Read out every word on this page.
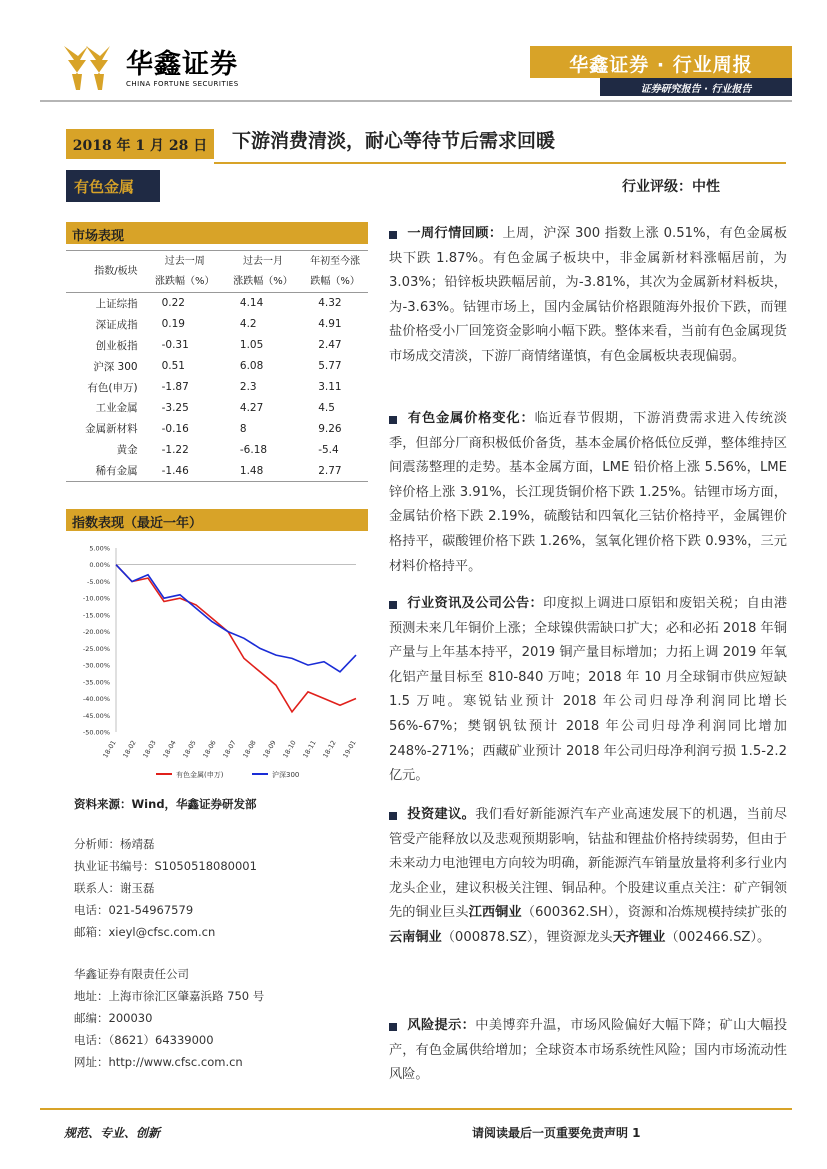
华鑫证券
CHINA FORTUNE SECURITIES
华鑫证券 · 行业周报
证券研究报告 · 行业报告
2018 年 1 月 28 日	下游消费清淡，耐心等待节后需求回暖
有色金属	行业评级：中性
市场表现
指数/板块	过去一周	过去一月	年初至今涨
	涨跌幅（%）	涨跌幅（%）	跌幅（%）
上证综指	0.22	4.14	4.32
深证成指	0.19	4.2	4.91
创业板指	-0.31	1.05	2.47
沪深 300	0.51	6.08	5.77
有色(申万)	-1.87	2.3	3.11
工业金属	-3.25	4.27	4.5
金属新材料	-0.16	8	9.26
黄金	-1.22	-6.18	-5.4
稀有金属	-1.46	1.48	2.77
指数表现（最近一年）
5.00%
0.00%
-5.00%
-10.00%
-15.00%
-20.00%
-25.00%
-30.00%
-35.00%
-40.00%
-45.00%
-50.00%
18-01 18-02 18-03 18-04 18-05 18-06 18-07 18-08 18-09 18-10 18-11 18-12 19-01
有色金属(申万)	沪深300
资料来源：Wind，华鑫证券研发部
分析师：杨靖磊
执业证书编号：S1050518080001
联系人：谢玉磊
电话：021-54967579
邮箱：xieyl@cfsc.com.cn
华鑫证券有限责任公司
地址：上海市徐汇区肇嘉浜路 750 号
邮编：200030
电话：（8621）64339000
网址：http://www.cfsc.com.cn
一周行情回顾：上周，沪深 300 指数上涨 0.51%，有色金属板块下跌 1.87%。有色金属子板块中，非金属新材料涨幅居前，为 3.03%；铅锌板块跌幅居前，为-3.81%，其次为金属新材料板块，为-3.63%。钴锂市场上，国内金属钴价格跟随海外报价下跌，而锂盐价格受小厂回笼资金影响小幅下跌。整体来看，当前有色金属现货市场成交清淡，下游厂商情绪谨慎，有色金属板块表现偏弱。
有色金属价格变化：临近春节假期，下游消费需求进入传统淡季，但部分厂商积极低价备货，基本金属价格低位反弹，整体维持区间震荡整理的走势。基本金属方面，LME 铅价格上涨 5.56%，LME 锌价格上涨 3.91%，长江现货铜价格下跌 1.25%。钴锂市场方面，金属钴价格下跌 2.19%，硫酸钴和四氧化三钴价格持平，金属锂价格持平，碳酸锂价格下跌 1.26%，氢氧化锂价格下跌 0.93%，三元材料价格持平。
行业资讯及公司公告：印度拟上调进口原铝和废铝关税；自由港预测未来几年铜价上涨；全球镍供需缺口扩大；必和必拓 2018 年铜产量与上年基本持平，2019 铜产量目标增加；力拓上调 2019 年氧化铝产量目标至 810-840 万吨；2018 年 10 月全球铜市供应短缺 1.5 万吨。寒锐钴业预计 2018 年公司归母净利润同比增长 56%-67%；樊钢钒钛预计 2018 年公司归母净利润同比增加 248%-271%；西藏矿业预计 2018 年公司归母净利润亏损 1.5-2.2 亿元。
投资建议。我们看好新能源汽车产业高速发展下的机遇，当前尽管受产能释放以及悲观预期影响，钴盐和锂盐价格持续弱势，但由于未来动力电池锂电方向较为明确，新能源汽车销量放量将利多行业内龙头企业，建议积极关注锂、铜品种。个股建议重点关注：矿产铜领先的铜业巨头江西铜业（600362.SH），资源和冶炼规模持续扩张的云南铜业（000878.SZ），锂资源龙头天齐锂业（002466.SZ）。
风险提示：中美博弈升温，市场风险偏好大幅下降；矿山大幅投产，有色金属供给增加；全球资本市场系统性风险；国内市场流动性风险。
规范、专业、创新	请阅读最后一页重要免责声明 1
